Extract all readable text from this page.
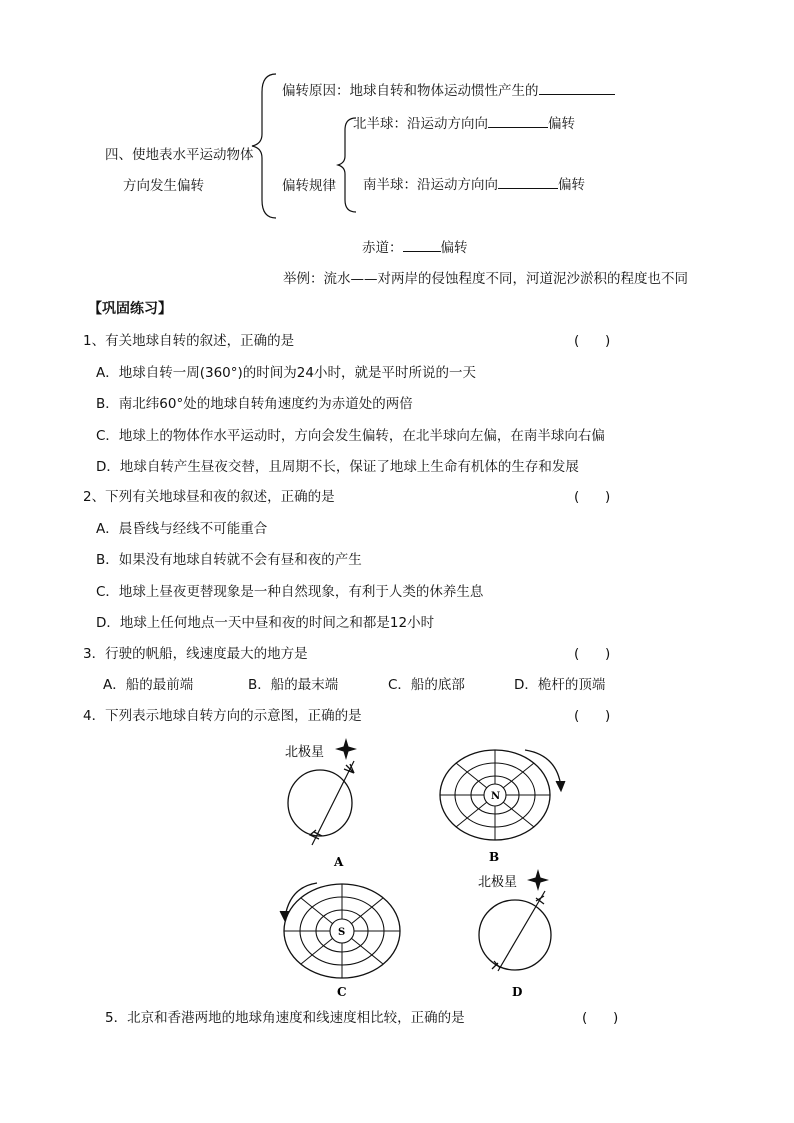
四、使地表水平运动物体
方向发生偏转
偏转原因：地球自转和物体运动惯性产生的
偏转规律
北半球：沿运动方向向	偏转
南半球：沿运动方向向	偏转
赤道：	偏转
举例：流水——对两岸的侵蚀程度不同，河道泥沙淤积的程度也不同
【巩固练习】
1、有关地球自转的叙述，正确的是	(      )
A．地球自转一周(360°)的时间为24小时，就是平时所说的一天
B．南北纬60°处的地球自转角速度约为赤道处的两倍
C．地球上的物体作水平运动时，方向会发生偏转，在北半球向左偏，在南半球向右偏
D．地球自转产生昼夜交替，且周期不长，保证了地球上生命有机体的生存和发展
2、下列有关地球昼和夜的叙述，正确的是	(      )
A．晨昏线与经线不可能重合
B．如果没有地球自转就不会有昼和夜的产生
C．地球上昼夜更替现象是一种自然现象，有利于人类的休养生息
D．地球上任何地点一天中昼和夜的时间之和都是12小时
3．行驶的帆船，线速度最大的地方是	(      )
A．船的最前端	B．船的最末端	C．船的底部	D．桅杆的顶端
4．下列表示地球自转方向的示意图，正确的是	(      )
北极星
A
N
B
S
C
北极星
D
5．北京和香港两地的地球角速度和线速度相比较，正确的是	(      )
